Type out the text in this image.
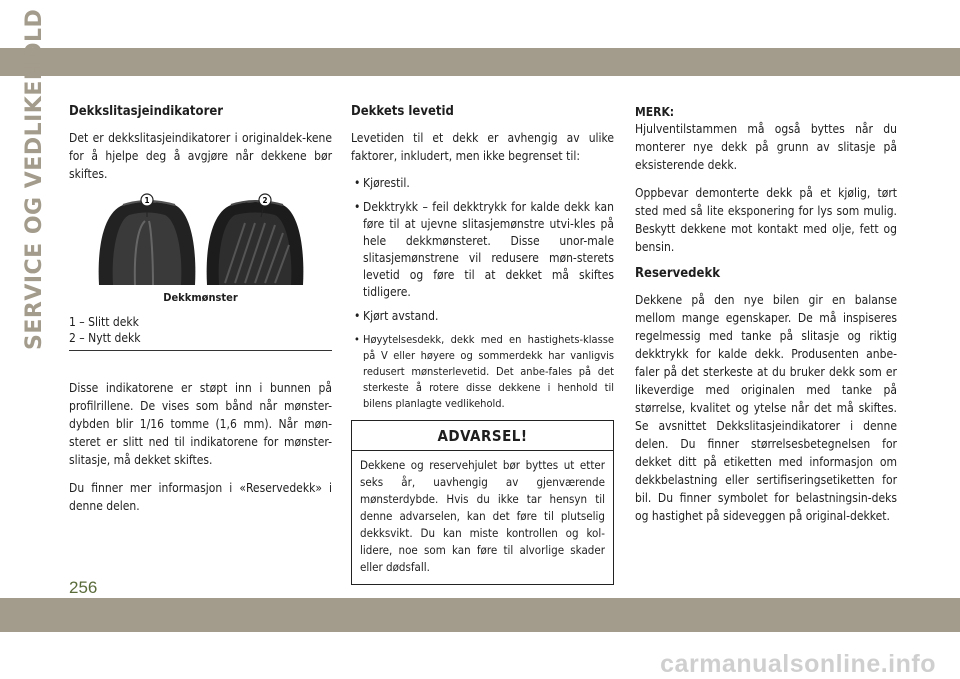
SERVICE OG VEDLIKEHOLD Dekkslitasjeindikatorer

Det er dekkslitasjeindikatorer i originaldek-kene for å hjelpe deg å avgjøre når dekkene bør skiftes.

1	2
Dekkmønster
1 – Slitt dekk
2 – Nytt dekk

Disse indikatorene er støpt inn i bunnen på profilrillene. De vises som bånd når mønster-dybden blir 1/16 tomme (1,6 mm). Når møn-steret er slitt ned til indikatorene for mønster-slitasje, må dekket skiftes.

Du finner mer informasjon i «Reservedekk» i denne delen.

Dekkets levetid

Levetiden til et dekk er avhengig av ulike faktorer, inkludert, men ikke begrenset til:

• Kjørestil.
• Dekktrykk – feil dekktrykk for kalde dekk kan føre til at ujevne slitasjemønstre utvi-kles på hele dekkmønsteret. Disse unor-male slitasjemønstrene vil redusere møn-sterets levetid og føre til at dekket må skiftes tidligere.
• Kjørt avstand.
• Høyytelsesdekk, dekk med en hastighets-klasse på V eller høyere og sommerdekk har vanligvis redusert mønsterlevetid. Det anbe-fales på det sterkeste å rotere disse dekkene i henhold til bilens planlagte vedlikehold.
ADVARSEL!
Dekkene og reservehjulet bør byttes ut etter seks år, uavhengig av gjenværende mønsterdybde. Hvis du ikke tar hensyn til denne advarselen, kan det føre til plutselig dekksvikt. Du kan miste kontrollen og kol-lidere, noe som kan føre til alvorlige skader eller dødsfall.
MERK:

Hjulventilstammen må også byttes når du monterer nye dekk på grunn av slitasje på eksisterende dekk.

Oppbevar demonterte dekk på et kjølig, tørt sted med så lite eksponering for lys som mulig. Beskytt dekkene mot kontakt med olje, fett og bensin.

Reservedekk

Dekkene på den nye bilen gir en balanse mellom mange egenskaper. De må inspiseres regelmessig med tanke på slitasje og riktig dekktrykk for kalde dekk. Produsenten anbe-faler på det sterkeste at du bruker dekk som er likeverdige med originalen med tanke på størrelse, kvalitet og ytelse når det må skiftes. Se avsnittet Dekkslitasjeindikatorer i denne delen. Du finner størrelsesbetegnelsen for dekket ditt på etiketten med informasjon om dekkbelastning eller sertifiseringsetiketten for bil. Du finner symbolet for belastningsin-deks og hastighet på sideveggen på original-dekket.

256
carmanualsonline.info
